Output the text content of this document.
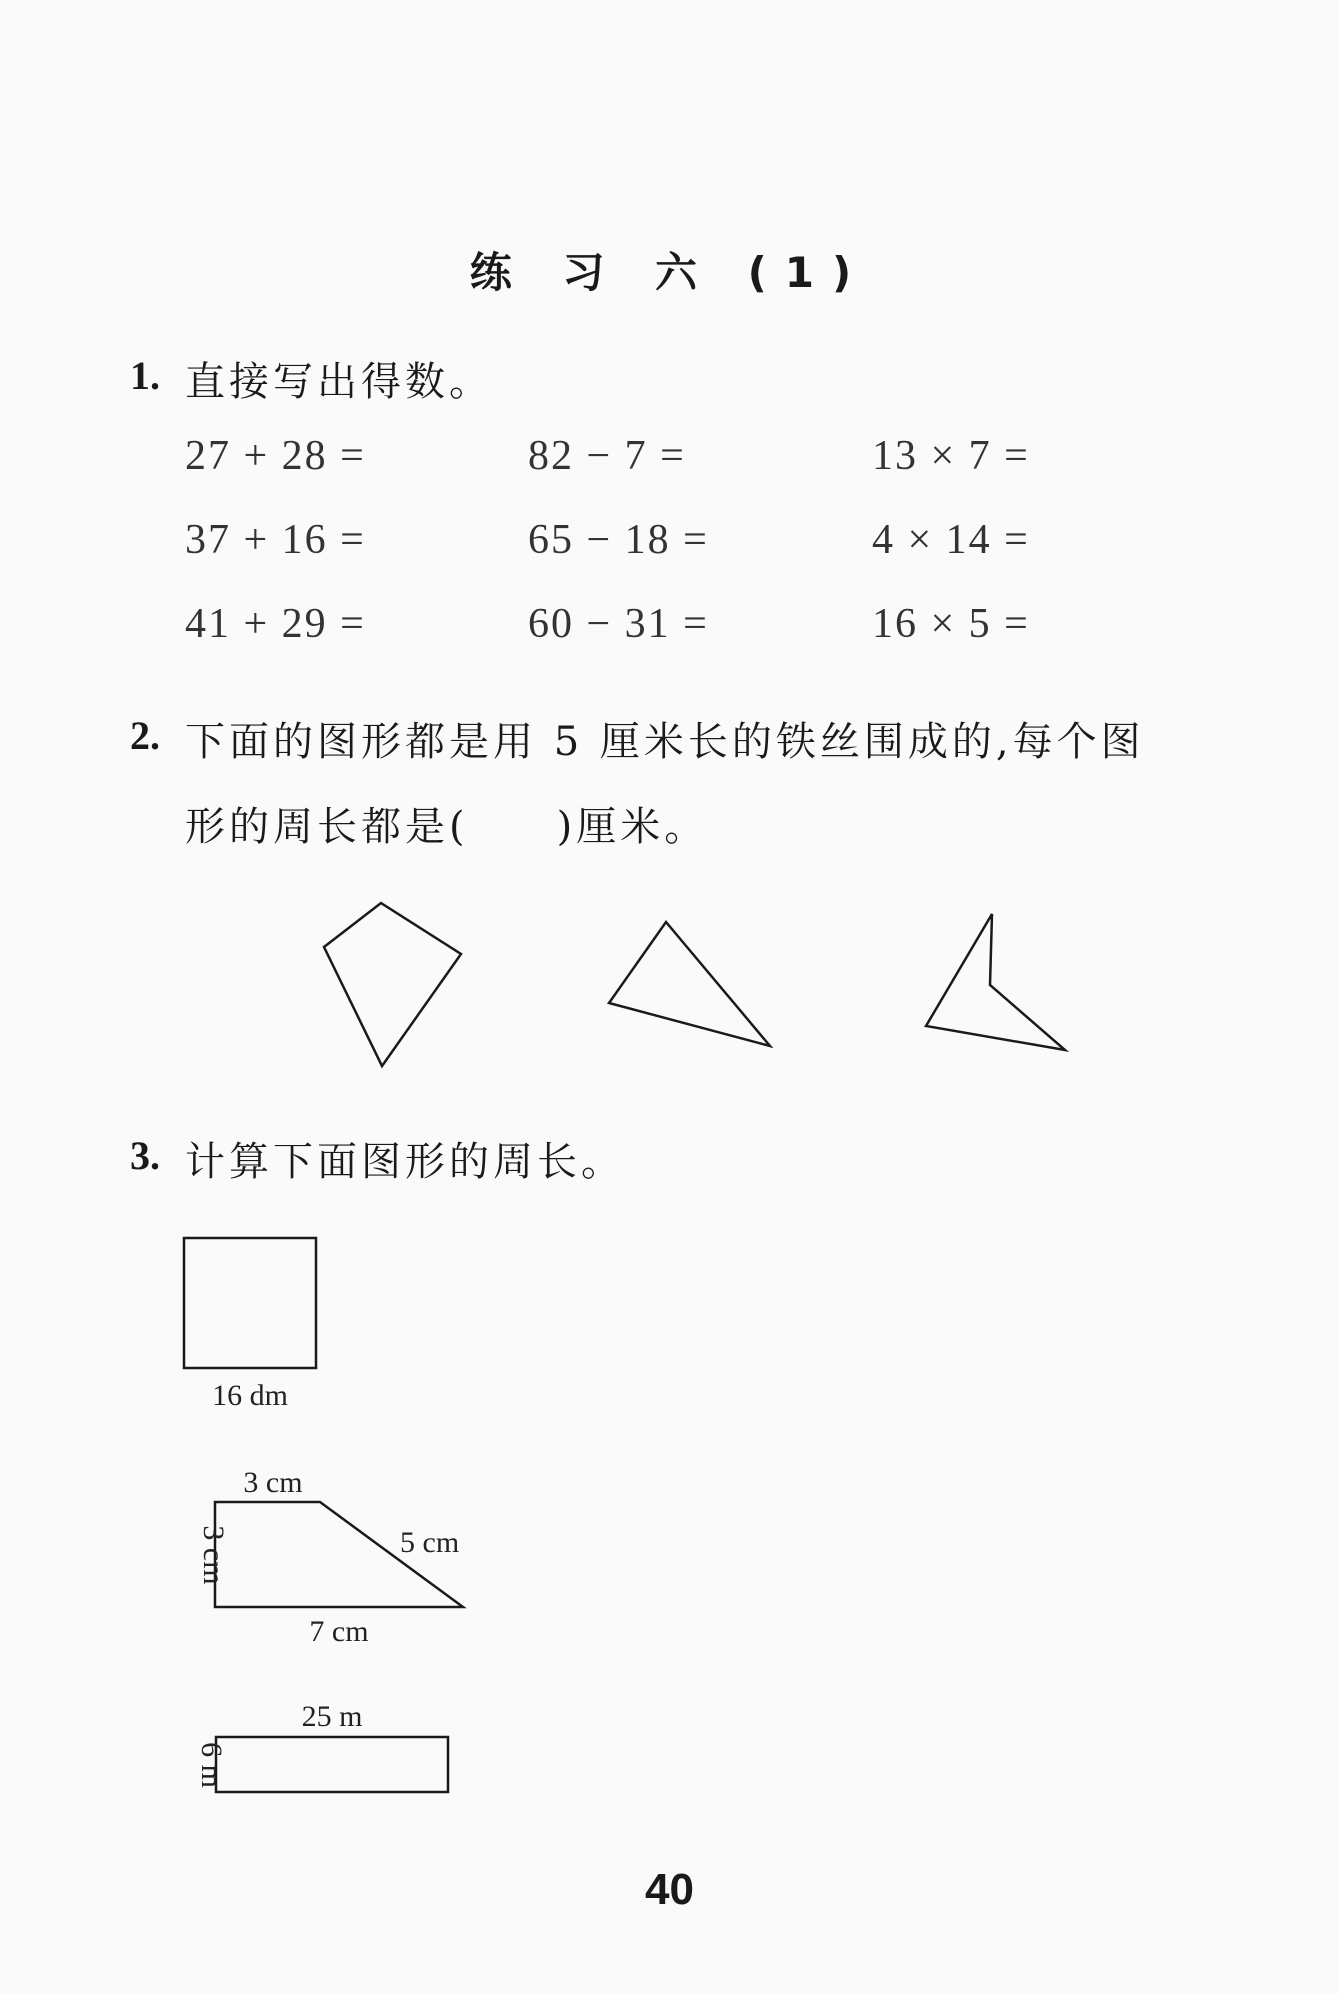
练 习 六 (1)
1. 直接写出得数。
27 + 28 =	82 − 7 =	13 × 7 =
37 + 16 =	65 − 18 =	4 × 14 =
41 + 29 =	60 − 31 =	16 × 5 =
2. 下面的图形都是用 5 厘米长的铁丝围成的,每个图
形的周长都是(　　)厘米。
3. 计算下面图形的周长。
16 dm
3 cm
5 cm
7 cm
3 cm
25 m
6 m
40
